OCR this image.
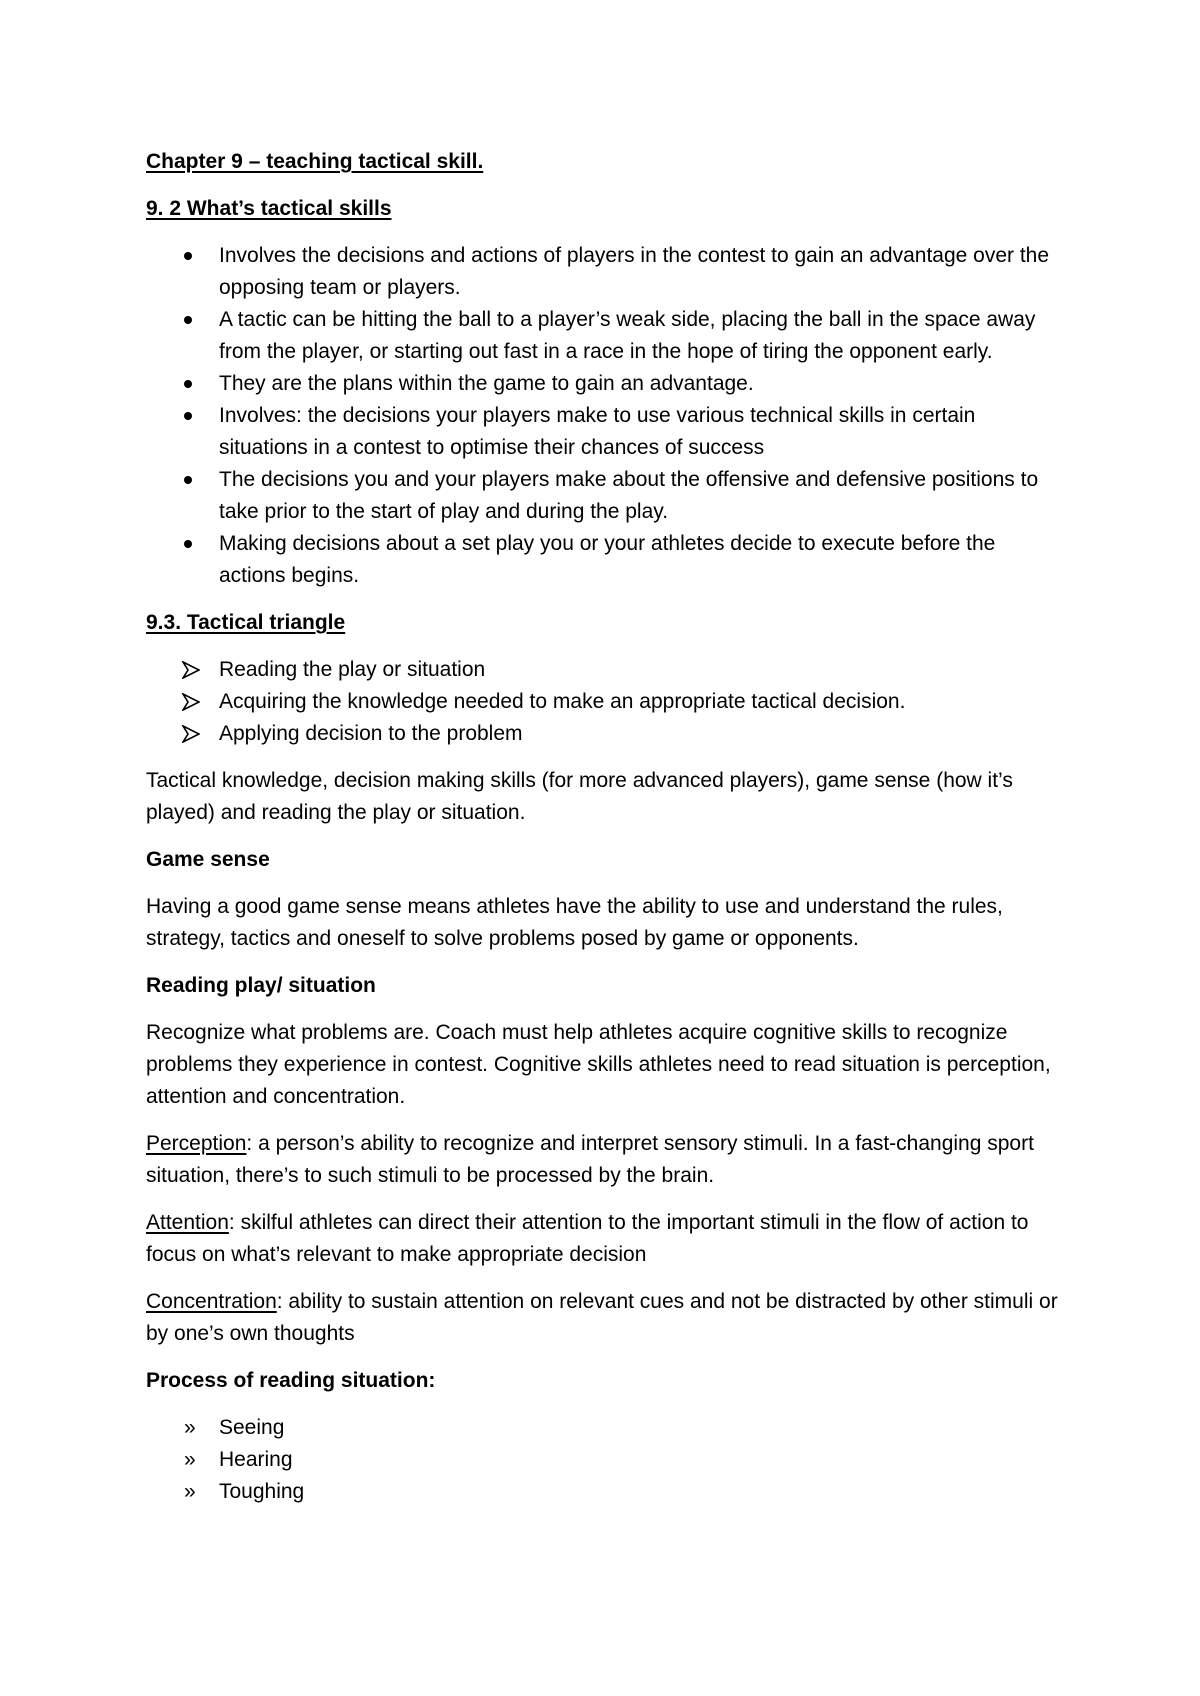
Chapter 9 – teaching tactical skill.
9. 2 What’s tactical skills
Involves the decisions and actions of players in the contest to gain an advantage over the opposing team or players.
A tactic can be hitting the ball to a player’s weak side, placing the ball in the space away from the player, or starting out fast in a race in the hope of tiring the opponent early.
They are the plans within the game to gain an advantage.
Involves: the decisions your players make to use various technical skills in certain situations in a contest to optimise their chances of success
The decisions you and your players make about the offensive and defensive positions to take prior to the start of play and during the play.
Making decisions about a set play you or your athletes decide to execute before the actions begins.
9.3. Tactical triangle
Reading the play or situation
Acquiring the knowledge needed to make an appropriate tactical decision.
Applying decision to the problem

Tactical knowledge, decision making skills (for more advanced players), game sense (how it’s played) and reading the play or situation.

Game sense

Having a good game sense means athletes have the ability to use and understand the rules, strategy, tactics and oneself to solve problems posed by game or opponents.

Reading play/ situation

Recognize what problems are. Coach must help athletes acquire cognitive skills to recognize problems they experience in contest. Cognitive skills athletes need to read situation is perception, attention and concentration.

Perception: a person’s ability to recognize and interpret sensory stimuli. In a fast-changing sport situation, there’s to such stimuli to be processed by the brain.

Attention: skilful athletes can direct their attention to the important stimuli in the flow of action to focus on what’s relevant to make appropriate decision

Concentration: ability to sustain attention on relevant cues and not be distracted by other stimuli or by one’s own thoughts

Process of reading situation:
» Seeing
» Hearing
» Toughing
